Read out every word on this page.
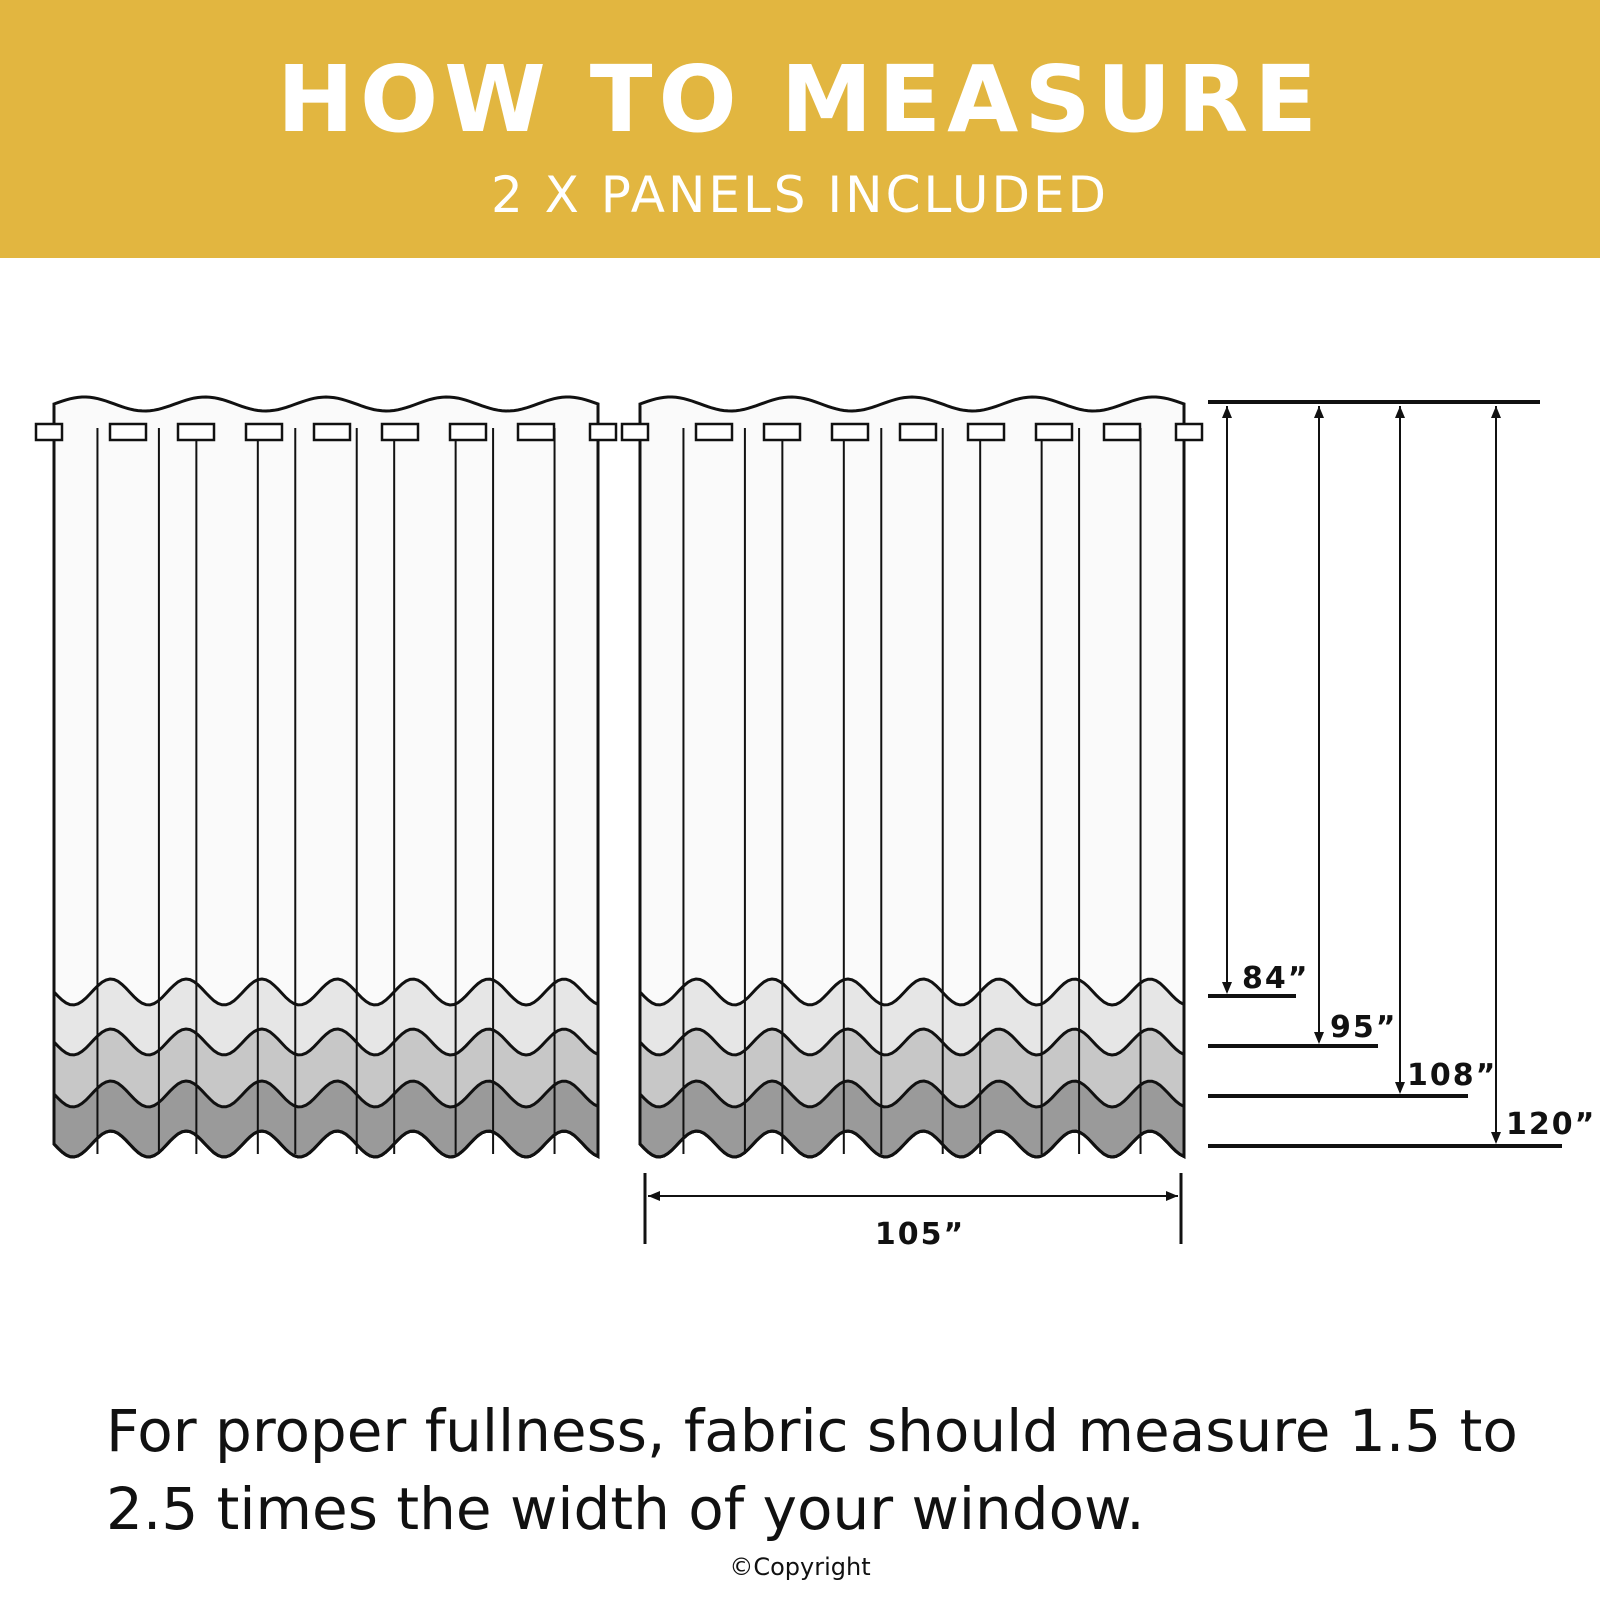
HOW TO MEASURE
2 X PANELS INCLUDED
105”
84”
95”
108”
120”

For proper fullness, fabric should measure 1.5 to 2.5 times the width of your window.

©Copyright
